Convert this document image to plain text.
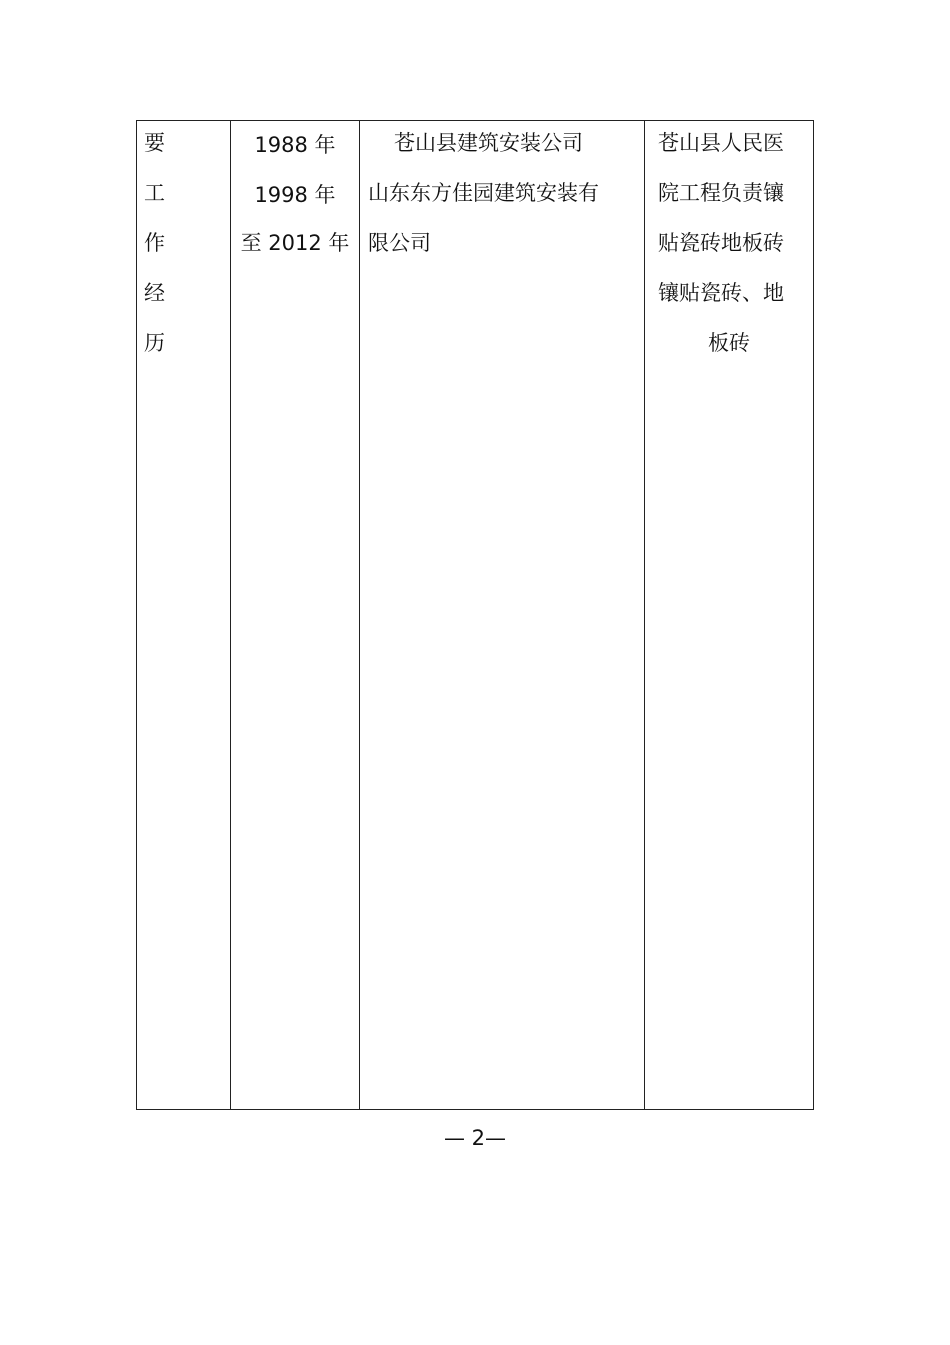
要
工
作
经
历
1988 年
1998 年
至 2012 年
苍山县建筑安装公司
山东东方佳园建筑安装有
限公司
苍山县人民医
院工程负责镶
贴瓷砖地板砖
镶贴瓷砖、地
板砖
— 2—
